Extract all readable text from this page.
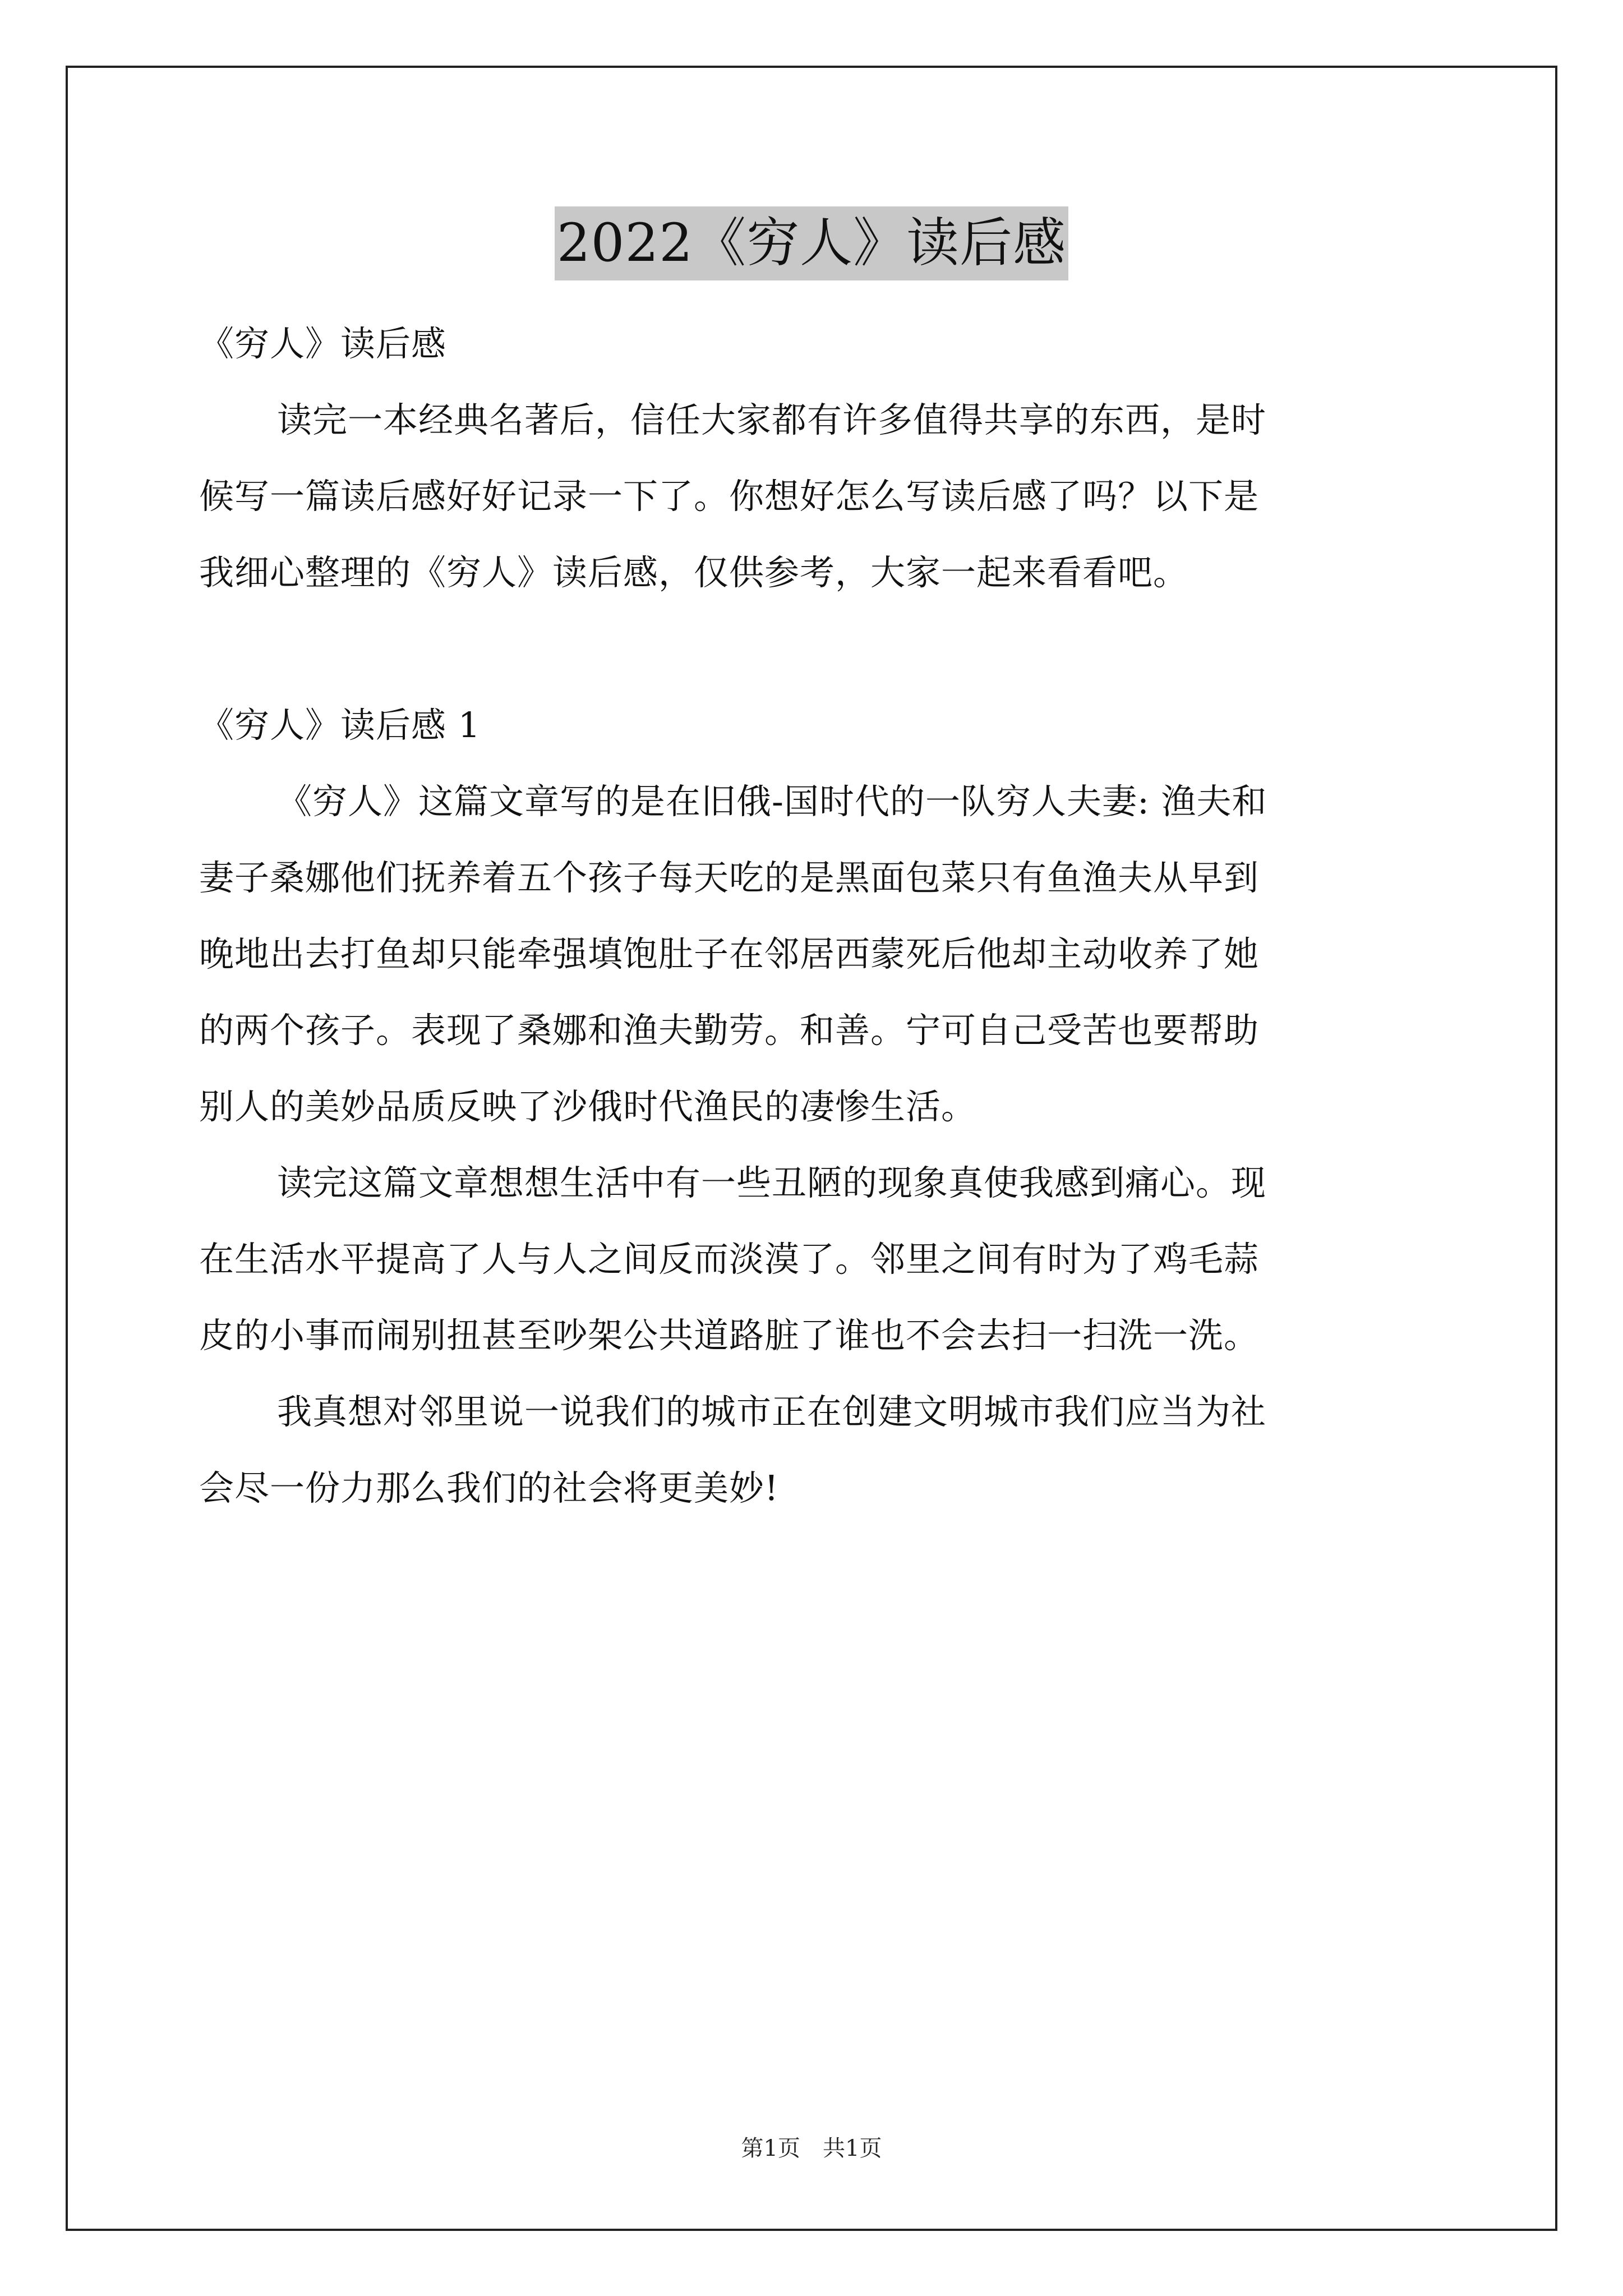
2022《穷人》读后感

《穷人》读后感

读完一本经典名著后，信任大家都有许多值得共享的东西，是时

候写一篇读后感好好记录一下了。你想好怎么写读后感了吗？以下是

我细心整理的《穷人》读后感，仅供参考，大家一起来看看吧。

《穷人》读后感 1

《穷人》这篇文章写的是在旧俄-国时代的一队穷人夫妻: 渔夫和

妻子桑娜他们抚养着五个孩子每天吃的是黑面包菜只有鱼渔夫从早到

晚地出去打鱼却只能牵强填饱肚子在邻居西蒙死后他却主动收养了她

的两个孩子。表现了桑娜和渔夫勤劳。和善。宁可自己受苦也要帮助

别人的美妙品质反映了沙俄时代渔民的凄惨生活。

读完这篇文章想想生活中有一些丑陋的现象真使我感到痛心。现

在生活水平提高了人与人之间反而淡漠了。邻里之间有时为了鸡毛蒜

皮的小事而闹别扭甚至吵架公共道路脏了谁也不会去扫一扫洗一洗。

我真想对邻里说一说我们的城市正在创建文明城市我们应当为社

会尽一份力那么我们的社会将更美妙!

第1页　共1页
